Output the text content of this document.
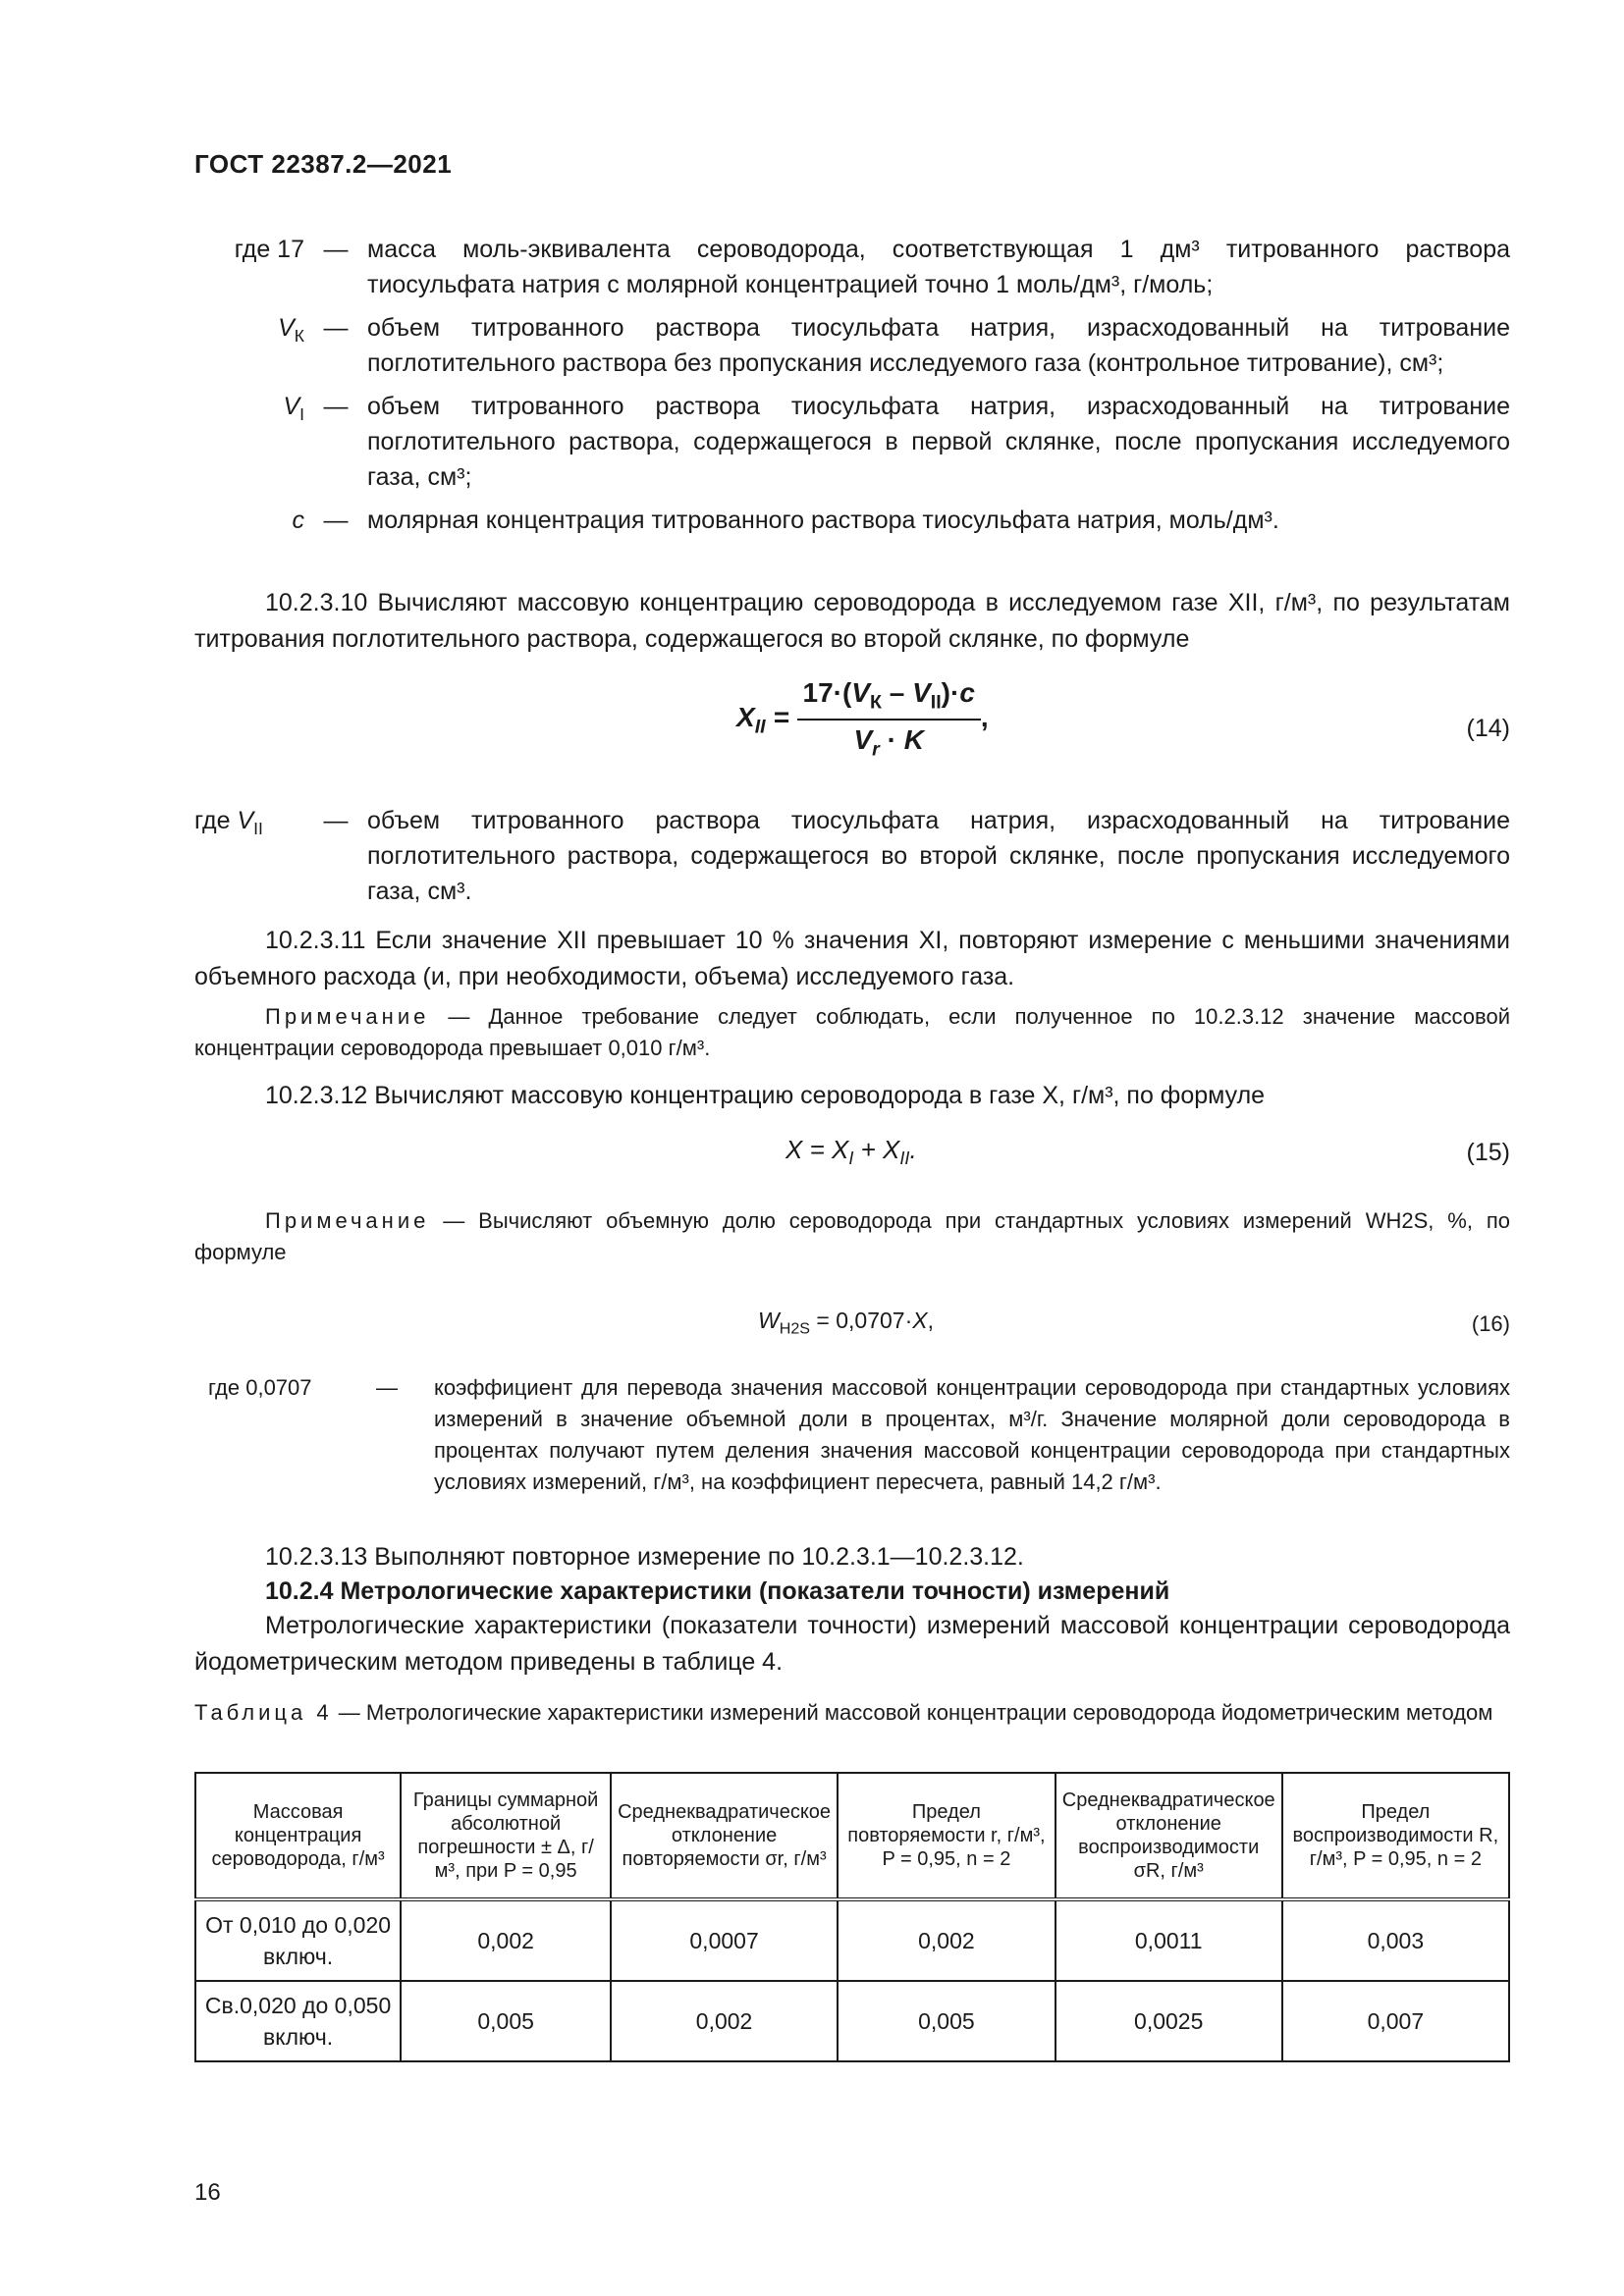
ГОСТ 22387.2—2021
где 17 — масса моль-эквивалента сероводорода, соответствующая 1 дм³ титрованного раствора тиосульфата натрия с молярной концентрацией точно 1 моль/дм³, г/моль;
$V_К$ — объем титрованного раствора тиосульфата натрия, израсходованный на титрование поглотительного раствора без пропускания исследуемого газа (контрольное титрование), см³;
$V_I$ — объем титрованного раствора тиосульфата натрия, израсходованный на титрование поглотительного раствора, содержащегося в первой склянке, после пропускания исследуемого газа, см³;
c — молярная концентрация титрованного раствора тиосульфата натрия, моль/дм³.
10.2.3.10 Вычисляют массовую концентрацию сероводорода в исследуемом газе XII, г/м³, по результатам титрования поглотительного раствора, содержащегося во второй склянке, по формуле
$X_{II} = \frac{17\cdot(V_К - V_{II})\cdot c}{V_r \cdot K}$ ,	(14)
где $V_{II}$	— объем титрованного раствора тиосульфата натрия, израсходованный на титрование поглотительного раствора, содержащегося во второй склянке, после пропускания исследуемого газа, см³.
10.2.3.11 Если значение XII превышает 10 % значения XI, повторяют измерение с меньшими значениями объемного расхода (и, при необходимости, объема) исследуемого газа.
Примечание — Данное требование следует соблюдать, если полученное по 10.2.3.12 значение массовой концентрации сероводорода превышает 0,010 г/м³.
10.2.3.12 Вычисляют массовую концентрацию сероводорода в газе X, г/м³, по формуле
$X = X_I + X_{II}$.	(15)
Примечание — Вычисляют объемную долю сероводорода при стандартных условиях измерений WH2S, %, по формуле
$W_{H2S} = 0,0707\cdot X$,	(16)
где 0,0707	—	коэффициент для перевода значения массовой концентрации сероводорода при стандартных условиях измерений в значение объемной доли в процентах, м³/г. Значение молярной доли сероводорода в процентах получают путем деления значения массовой концентрации сероводорода при стандартных условиях измерений, г/м³, на коэффициент пересчета, равный 14,2 г/м³.
10.2.3.13 Выполняют повторное измерение по 10.2.3.1—10.2.3.12.
10.2.4 Метрологические характеристики (показатели точности) измерений
Метрологические характеристики (показатели точности) измерений массовой концентрации сероводорода йодометрическим методом приведены в таблице 4.
Таблица 4 — Метрологические характеристики измерений массовой концентрации сероводорода йодометрическим методом
Массовая концентрация сероводорода, г/м³	Границы суммарной абсолютной погрешности ± Δ, г/м³, при P = 0,95	Среднеквадратическое отклонение повторяемости σr, г/м³	Предел повторяемости r, г/м³, P = 0,95, n = 2	Среднеквадратическое отклонение воспроизводимости σR, г/м³	Предел воспроизводимости R, г/м³, P = 0,95, n = 2
От 0,010 до 0,020 включ.	0,002	0,0007	0,002	0,0011	0,003
Св.0,020 до 0,050 включ.	0,005	0,002	0,005	0,0025	0,007
16
